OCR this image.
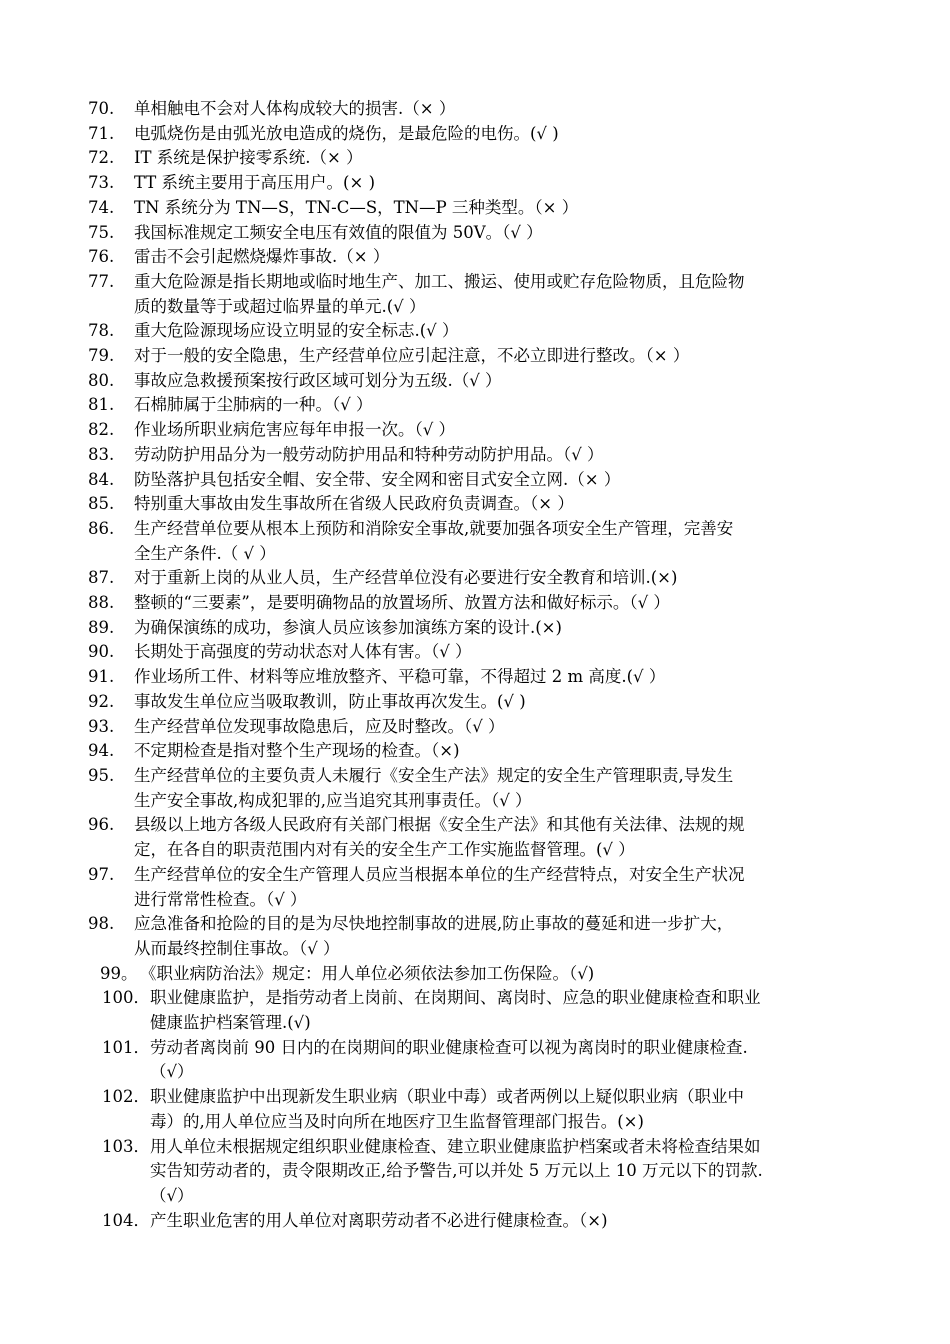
70.	单相触电不会对人体构成较大的损害.（× ）
71.	电弧烧伤是由弧光放电造成的烧伤，是最危险的电伤。(√ )
72.	IT 系统是保护接零系统.（× ）
73.	TT 系统主要用于高压用户。(× )
74.	TN 系统分为 TN—S，TN-C—S，TN—P 三种类型。（× ）
75.	我国标准规定工频安全电压有效值的限值为 50V。（√ ）
76.	雷击不会引起燃烧爆炸事故.（× ）
77.	重大危险源是指长期地或临时地生产、加工、搬运、使用或贮存危险物质，且危险物
质的数量等于或超过临界量的单元.(√ ）
78.	重大危险源现场应设立明显的安全标志.(√ ）
79.	对于一般的安全隐患，生产经营单位应引起注意，不必立即进行整改。（× ）
80.	事故应急救援预案按行政区域可划分为五级.（√ ）
81.	石棉肺属于尘肺病的一种。（√ ）
82.	作业场所职业病危害应每年申报一次。（√ ）
83.	劳动防护用品分为一般劳动防护用品和特种劳动防护用品。（√ ）
84.	防坠落护具包括安全帽、安全带、安全网和密目式安全立网.（× ）
85.	特别重大事故由发生事故所在省级人民政府负责调查。（× ）
86.	生产经营单位要从根本上预防和消除安全事故,就要加强各项安全生产管理，完善安
全生产条件.（ √ ）
87.	对于重新上岗的从业人员，生产经营单位没有必要进行安全教育和培训.(×)
88.	整顿的“三要素”，是要明确物品的放置场所、放置方法和做好标示。（√ ）
89.	为确保演练的成功，参演人员应该参加演练方案的设计.(×)
90.	长期处于高强度的劳动状态对人体有害。（√ ）
91.	作业场所工件、材料等应堆放整齐、平稳可靠，不得超过 2 m 高度.(√ ）
92.	事故发生单位应当吸取教训，防止事故再次发生。(√ )
93.	生产经营单位发现事故隐患后，应及时整改。（√ ）
94.	不定期检查是指对整个生产现场的检查。（×)
95.	生产经营单位的主要负责人未履行《安全生产法》规定的安全生产管理职责,导发生
生产安全事故,构成犯罪的,应当追究其刑事责任。（√ ）
96.	县级以上地方各级人民政府有关部门根据《安全生产法》和其他有关法律、法规的规
定，在各自的职责范围内对有关的安全生产工作实施监督管理。(√ ）
97.	生产经营单位的安全生产管理人员应当根据本单位的生产经营特点，对安全生产状况
进行常常性检查。（√ ）
98.	应急准备和抢险的目的是为尽快地控制事故的进展,防止事故的蔓延和进一步扩大，
从而最终控制住事故。（√ ）
99。 《职业病防治法》规定：用人单位必须依法参加工伤保险。（√)
100． 职业健康监护，是指劳动者上岗前、在岗期间、离岗时、应急的职业健康检查和职业
健康监护档案管理.(√)
101． 劳动者离岗前 90 日内的在岗期间的职业健康检查可以视为离岗时的职业健康检查.
（√）
102． 职业健康监护中出现新发生职业病（职业中毒）或者两例以上疑似职业病（职业中
毒）的,用人单位应当及时向所在地医疗卫生监督管理部门报告。(×)
103． 用人单位未根据规定组织职业健康检查、建立职业健康监护档案或者未将检查结果如
实告知劳动者的，责令限期改正,给予警告,可以并处 5 万元以上 10 万元以下的罚款.
（√）
104． 产生职业危害的用人单位对离职劳动者不必进行健康检查。（×)
